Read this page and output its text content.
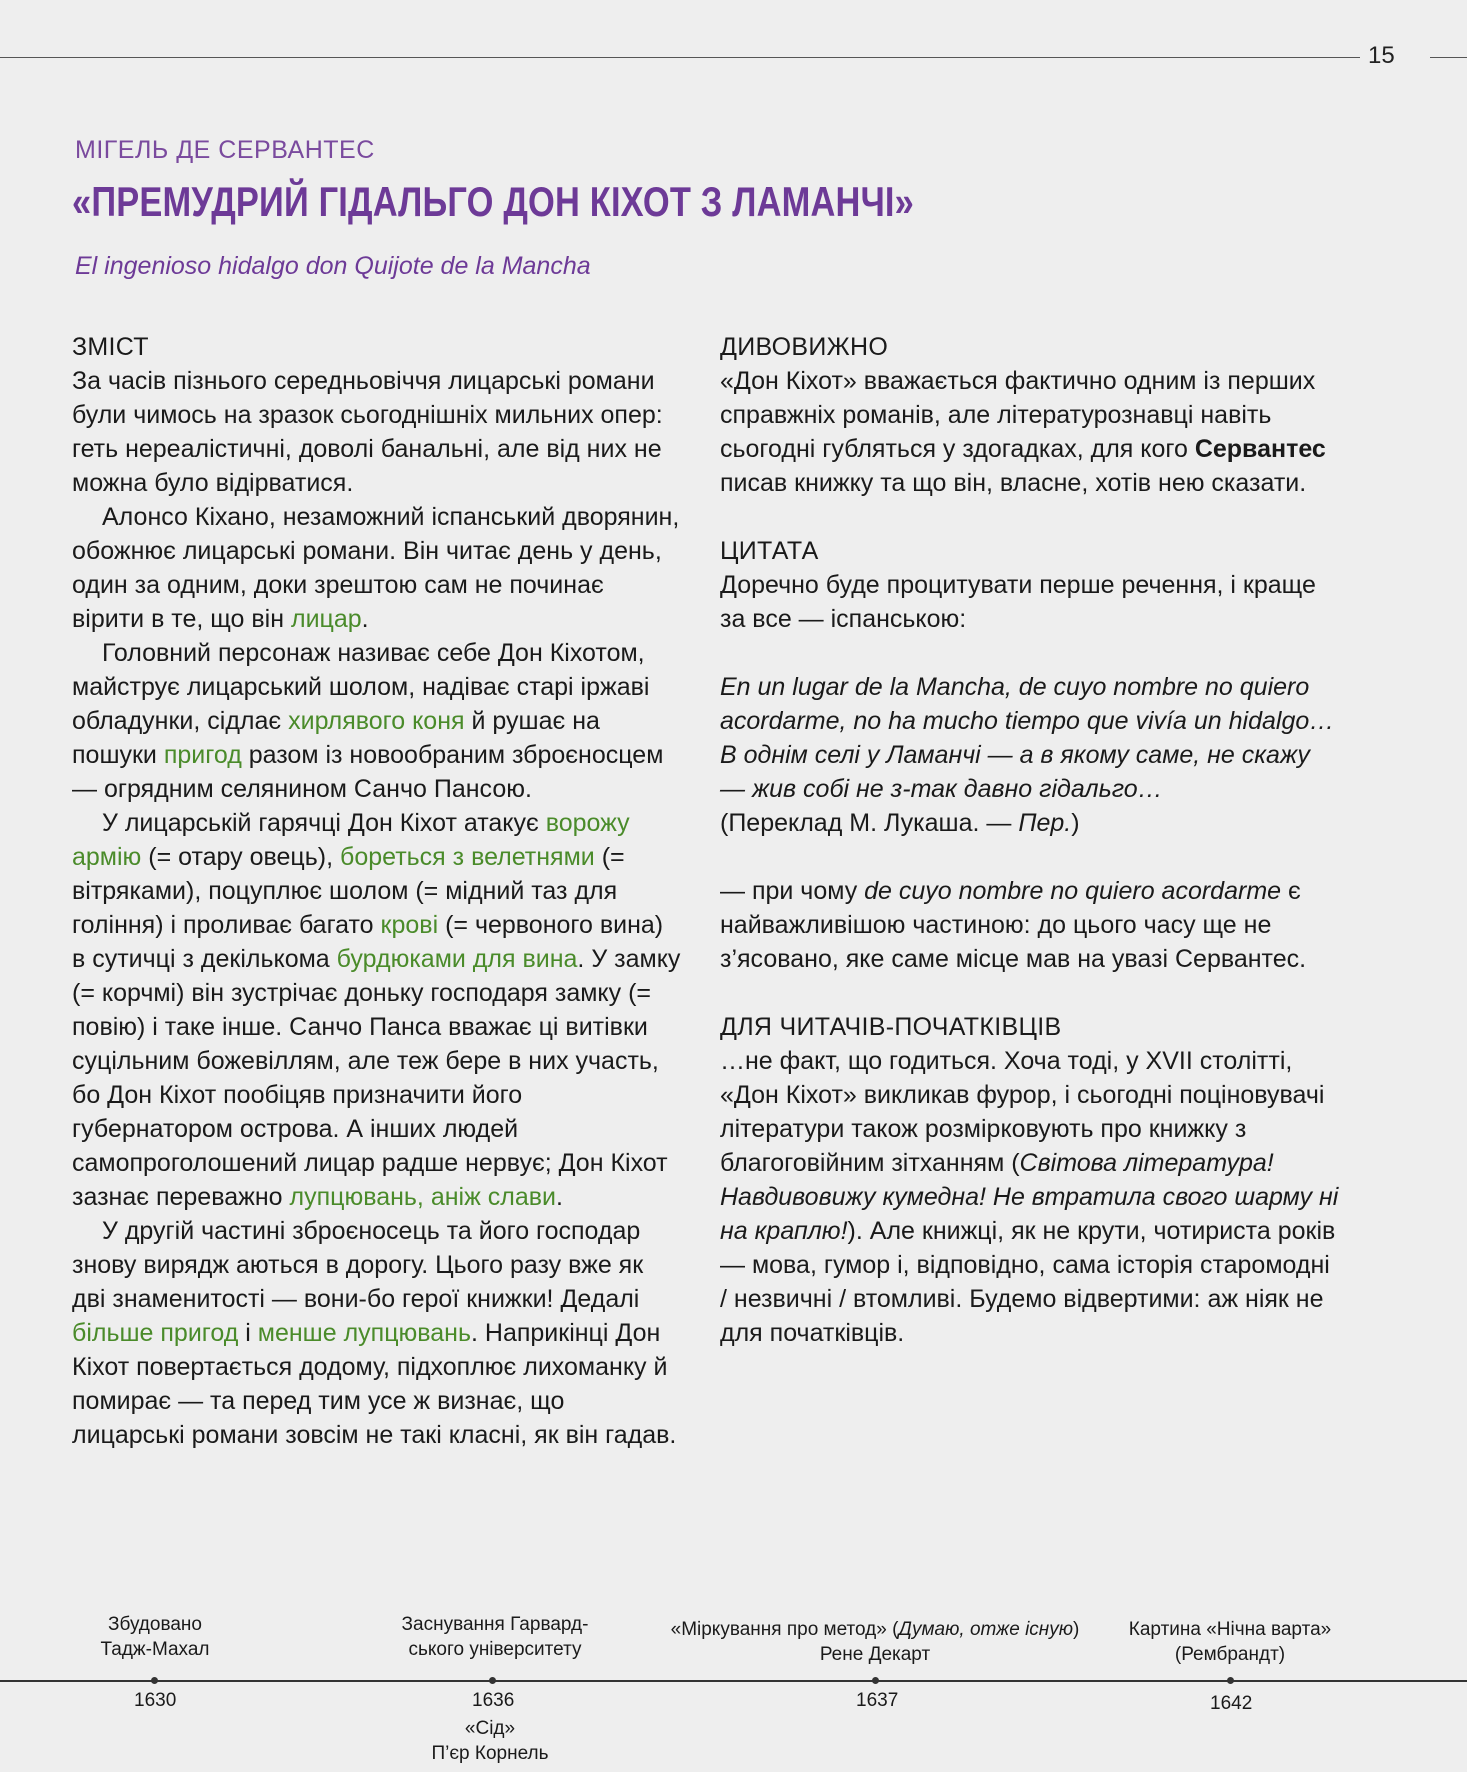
15
МІГЕЛЬ ДЕ СЕРВАНТЕС
«ПРЕМУДРИЙ ГІДАЛЬГО ДОН КІХОТ З ЛАМАНЧІ»
El ingenioso hidalgo don Quijote de la Mancha

ЗМІСТ

За часів пізнього середньовіччя лицарські романи були чимось на зразок сьогоднішніх мильних опер: геть нереалістичні, доволі банальні, але від них не можна було відірватися.

Алонсо Кіхано, незаможний іспанський дворянин, обожнює лицарські романи. Він читає день у день, один за одним, доки зрештою сам не починає вірити в те, що він лицар.

Головний персонаж називає себе Дон Кіхотом, майструє лицарський шолом, надіває старі іржаві обладунки, сідлає хирлявого коня й рушає на пошуки пригод разом із новообраним зброєносцем — огрядним селянином Санчо Пансою.

У лицарській гарячці Дон Кіхот атакує ворожу армію (= отару овець), бореться з велетнями (= вітряками), поцуплює шолом (= мідний таз для гоління) і проливає багато крові (= червоного вина) в сутичці з декількома бурдюками для вина. У замку (= корчмі) він зустрічає доньку господаря замку (= повію) і таке інше. Санчо Панса вважає ці витівки суцільним божевіллям, але теж бере в них участь, бо Дон Кіхот пообіцяв призначити його губернатором острова. А інших людей самопроголошений лицар радше нервує; Дон Кіхот зазнає переважно лупцювань, аніж слави.

У другій частині зброєносець та його господар знову вирядж аються в дорогу. Цього разу вже як дві знаменитості — вони-бо герої книжки! Дедалі більше пригод і менше лупцювань. Наприкінці Дон Кіхот повертається додому, підхоплює лихоманку й помирає — та перед тим усе ж визнає, що лицарські романи зовсім не такі класні, як він гадав.

ДИВОВИЖНО

«Дон Кіхот» вважається фактично одним із перших справжніх романів, але літературознавці навіть сьогодні губляться у здогадках, для кого Сервантес писав книжку та що він, власне, хотів нею сказати.

ЦИТАТА

Доречно буде процитувати перше речення, і краще за все — іспанською:

En un lugar de la Mancha, de cuyo nombre no quiero acordarme, no ha mucho tiempo que vivía un hidalgo…

В однім селі у Ламанчі — а в якому саме, не скажу — жив собі не з-так давно гідальго…

(Переклад М. Лукаша. — Пер.)

— при чому de cuyo nombre no quiero acordarme є найважливішою частиною: до цього часу ще не з’ясовано, яке саме місце мав на увазі Сервантес.

ДЛЯ ЧИТАЧІВ-ПОЧАТКІВЦІВ

…не факт, що годиться. Хоча тоді, у XVII столітті, «Дон Кіхот» викликав фурор, і сьогодні поціновувачі літератури також розмірковують про книжку з благоговійним зітханням (Світова література! Навдивовижу кумедна! Не втратила свого шарму ні на краплю!). Але книжці, як не крути, чотириста років — мова, гумор і, відповідно, сама історія старомодні / незвичні / втомливі. Будемо відвертими: аж ніяк не для початківців.

Збудовано
Тадж-Махал
1630
Заснування Гарвард-
ського університету
1636
«Сід»
П’єр Корнель
«Міркування про метод» (Думаю, отже існую)
Рене Декарт
1637
Картина «Нічна варта»
(Рембрандт)
1642
